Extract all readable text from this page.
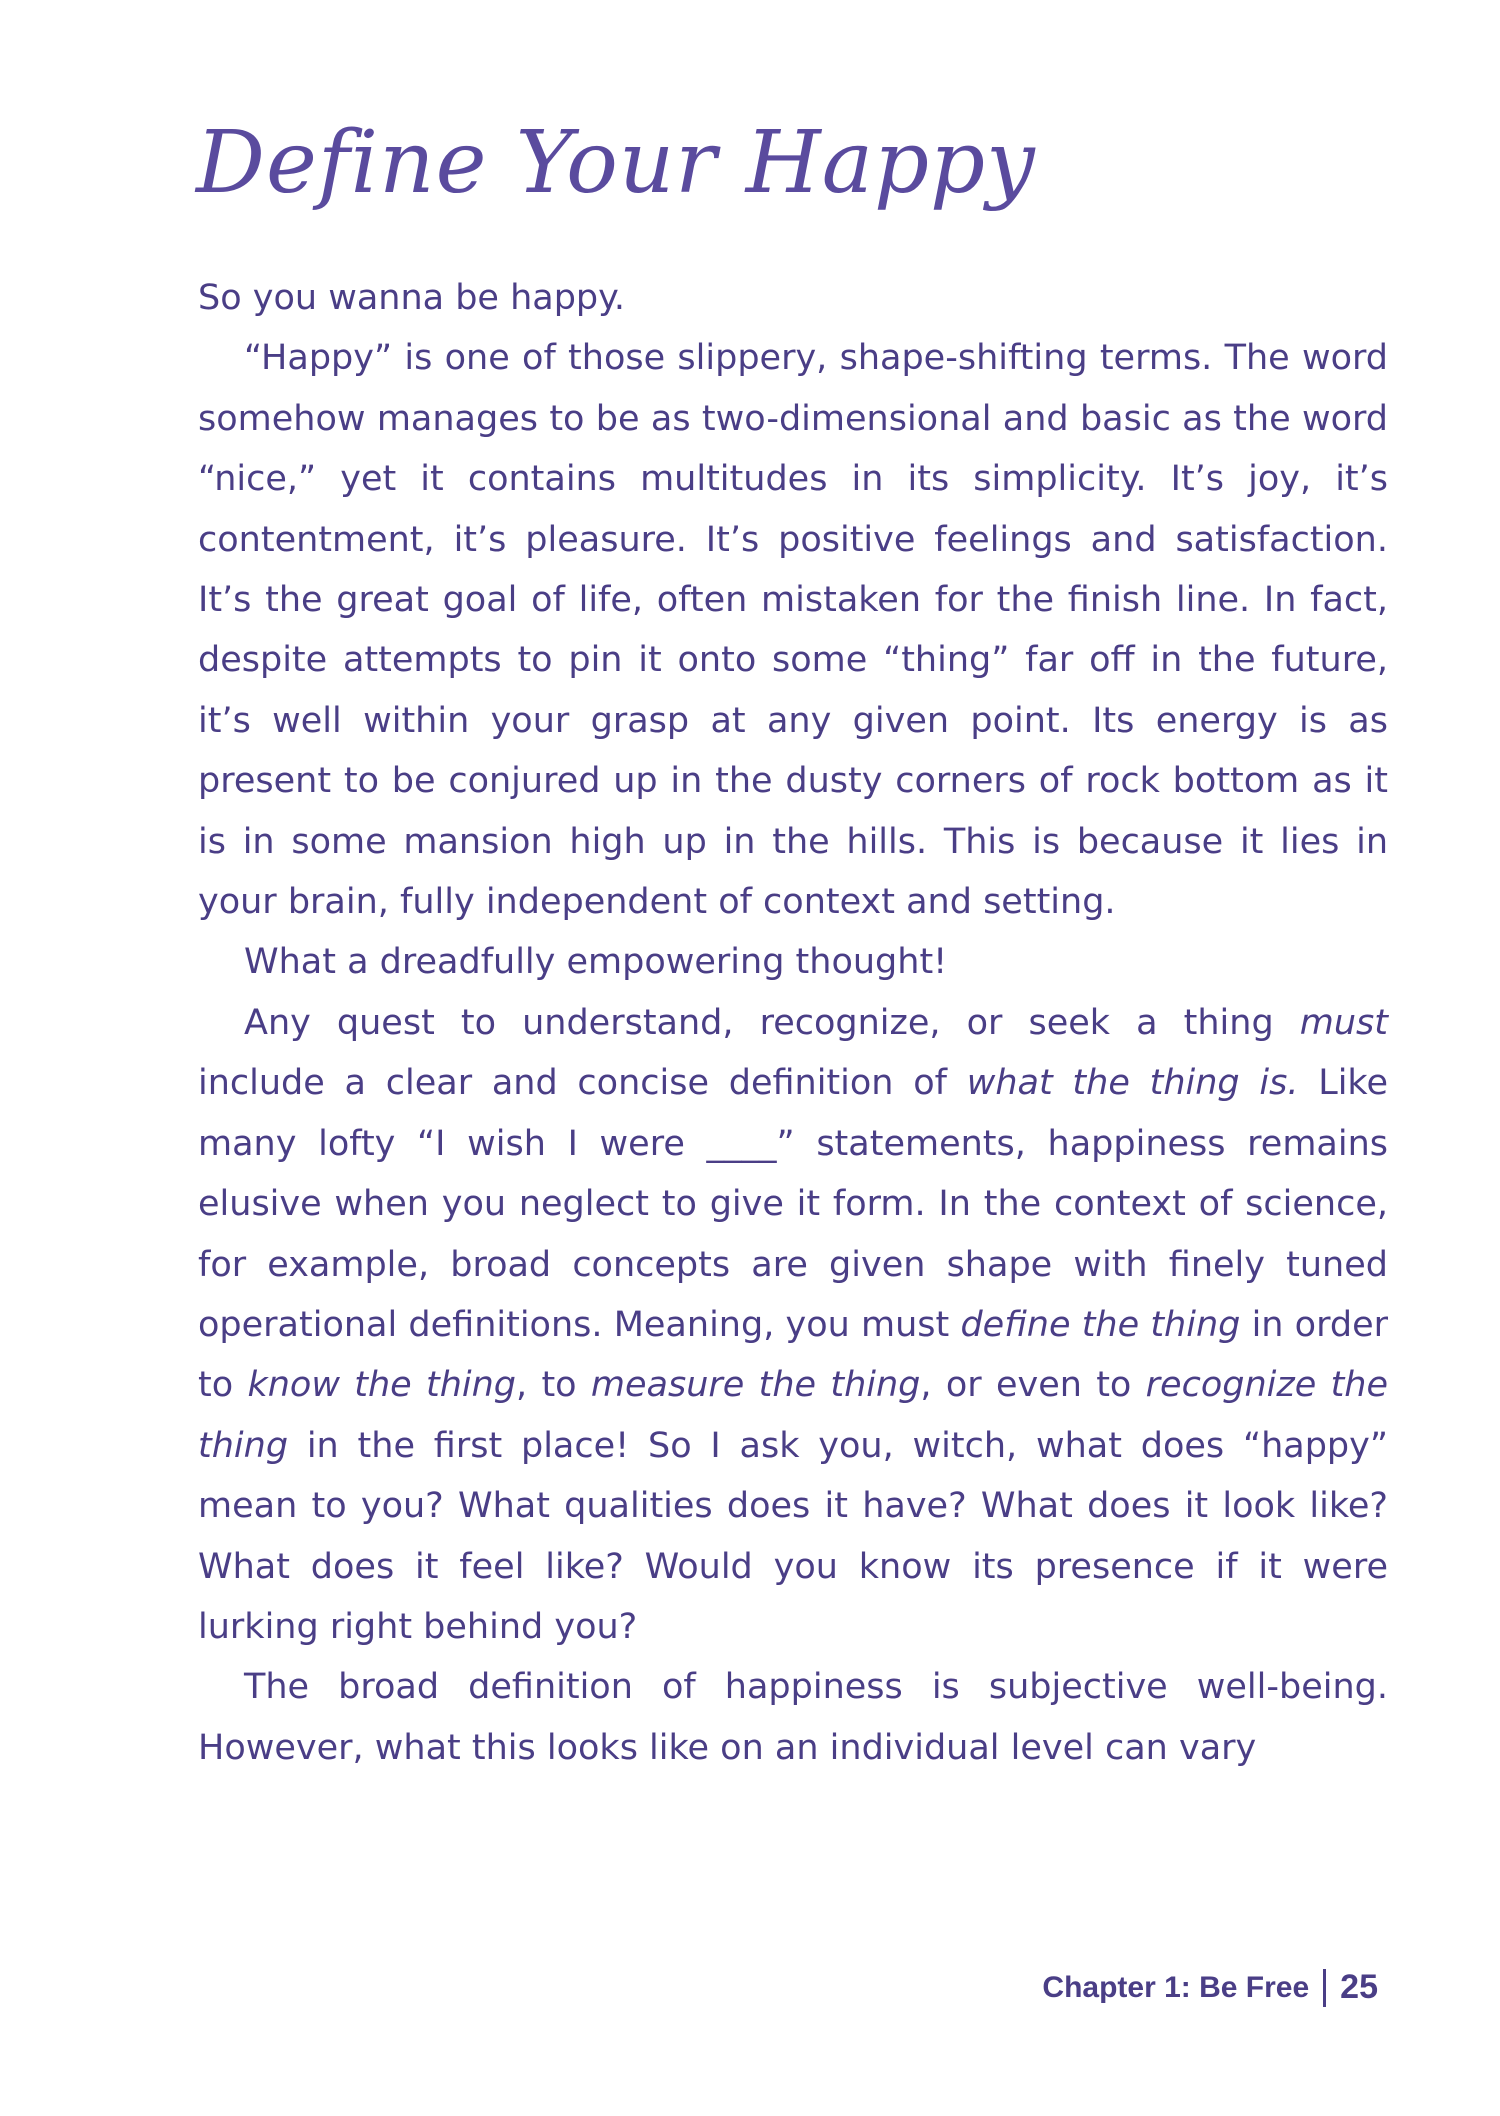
Define Your Happy

So you wanna be happy.

“Happy” is one of those slippery, shape-shifting terms. The word somehow manages to be as two-dimensional and basic as the word “nice,” yet it contains multitudes in its simplicity. It’s joy, it’s contentment, it’s pleasure. It’s positive feelings and satisfaction. It’s the great goal of life, often mistaken for the finish line. In fact, despite attempts to pin it onto some “thing” far off in the future, it’s well within your grasp at any given point. Its energy is as present to be conjured up in the dusty corners of rock bottom as it is in some mansion high up in the hills. This is because it lies in your brain, fully independent of context and setting.

What a dreadfully empowering thought!

Any quest to understand, recognize, or seek a thing must include a clear and concise definition of what the thing is. Like many lofty “I wish I were ____” statements, happiness remains elusive when you neglect to give it form. In the context of science, for example, broad concepts are given shape with finely tuned operational definitions. Meaning, you must define the thing in order to know the thing, to measure the thing, or even to recognize the thing in the first place! So I ask you, witch, what does “happy” mean to you? What qualities does it have? What does it look like? What does it feel like? Would you know its presence if it were lurking right behind you?

The broad definition of happiness is subjective well-being. However, what this looks like on an individual level can vary

Chapter 1: Be Free 25
